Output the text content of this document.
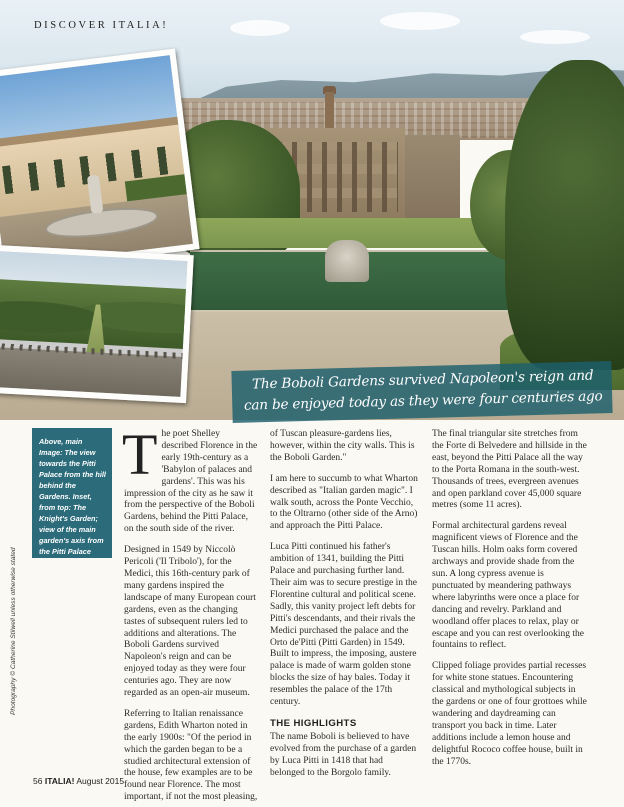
DISCOVER ITALIA!
The Boboli Gardens survived Napoleon's reign and can be enjoyed today as they were four centuries ago

Above, main Image: The view towards the Pitti Palace from the hill behind the Gardens. Inset, from top: The Knight's Garden; view of the main garden's axis from the Pitti Palace

Photography © Catherine Stilwell unless otherwise stated

The poet Shelley described Florence in the early 19th-century as a 'Babylon of palaces and gardens'. This was his impression of the city as he saw it from the perspective of the Boboli Gardens, behind the Pitti Palace, on the south side of the river.

Designed in 1549 by Niccolò Pericoli ('Il Tribolo'), for the Medici, this 16th-century park of many gardens inspired the landscape of many European court gardens, even as the changing tastes of subsequent rulers led to additions and alterations. The Boboli Gardens survived Napoleon's reign and can be enjoyed today as they were four centuries ago. They are now regarded as an open-air museum.

Referring to Italian renaissance gardens, Edith Wharton noted in the early 1900s: "Of the period in which the garden began to be a studied architectural extension of the house, few examples are to be found near Florence. The most important, if not the most pleasing,

of Tuscan pleasure-gardens lies, however, within the city walls. This is the Boboli Garden."

I am here to succumb to what Wharton described as "Italian garden magic". I walk south, across the Ponte Vecchio, to the Oltrarno (other side of the Arno) and approach the Pitti Palace.

Luca Pitti continued his father's ambition of 1341, building the Pitti Palace and purchasing further land. Their aim was to secure prestige in the Florentine cultural and political scene. Sadly, this vanity project left debts for Pitti's descendants, and their rivals the Medici purchased the palace and the Orto de'Pitti (Pitti Garden) in 1549. Built to impress, the imposing, austere palace is made of warm golden stone blocks the size of hay bales. Today it resembles the palace of the 17th century.

THE HIGHLIGHTS

The name Boboli is believed to have evolved from the purchase of a garden by Luca Pitti in 1418 that had belonged to the Borgolo family.

The final triangular site stretches from the Forte di Belvedere and hillside in the east, beyond the Pitti Palace all the way to the Porta Romana in the south-west. Thousands of trees, evergreen avenues and open parkland cover 45,000 square metres (some 11 acres).

Formal architectural gardens reveal magnificent views of Florence and the Tuscan hills. Holm oaks form covered archways and provide shade from the sun. A long cypress avenue is punctuated by meandering pathways where labyrinths were once a place for dancing and revelry. Parkland and woodland offer places to relax, play or escape and you can rest overlooking the fountains to reflect.

Clipped foliage provides partial recesses for white stone statues. Encountering classical and mythological subjects in the gardens or one of four grottoes while wandering and daydreaming can transport you back in time. Later additions include a lemon house and delightful Rococo coffee house, built in the 1770s.

56 ITALIA! August 2015
